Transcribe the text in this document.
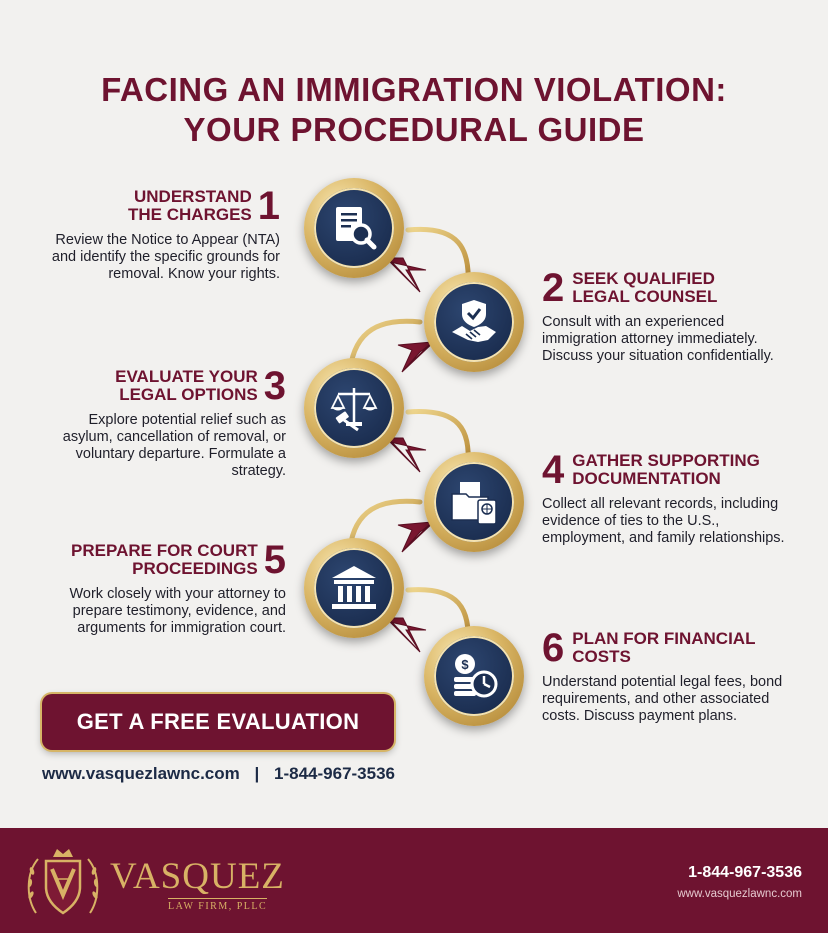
FACING AN IMMIGRATION VIOLATION:
YOUR PROCEDURAL GUIDE
$
UNDERSTAND
THE CHARGES 1
Review the Notice to Appear (NTA) and identify the specific grounds for removal. Know your rights.	2 SEEK QUALIFIED
LEGAL COUNSEL
Consult with an experienced immigration attorney immediately. Discuss your situation confidentially.
EVALUATE YOUR
LEGAL OPTIONS 3
Explore potential relief such as asylum, cancellation of removal, or voluntary departure. Formulate a strategy.	4 GATHER SUPPORTING
DOCUMENTATION
Collect all relevant records, including evidence of ties to the U.S., employment, and family relationships.
PREPARE FOR COURT
PROCEEDINGS 5
Work closely with your attorney to prepare testimony, evidence, and arguments for immigration court.	6 PLAN FOR FINANCIAL
COSTS
Understand potential legal fees, bond requirements, and other associated costs. Discuss payment plans.
GET A FREE EVALUATION
www.vasquezlawnc.com | 1-844-967-3536
VASQUEZ
LAW FIRM, PLLC
1-844-967-3536
www.vasquezlawnc.com
